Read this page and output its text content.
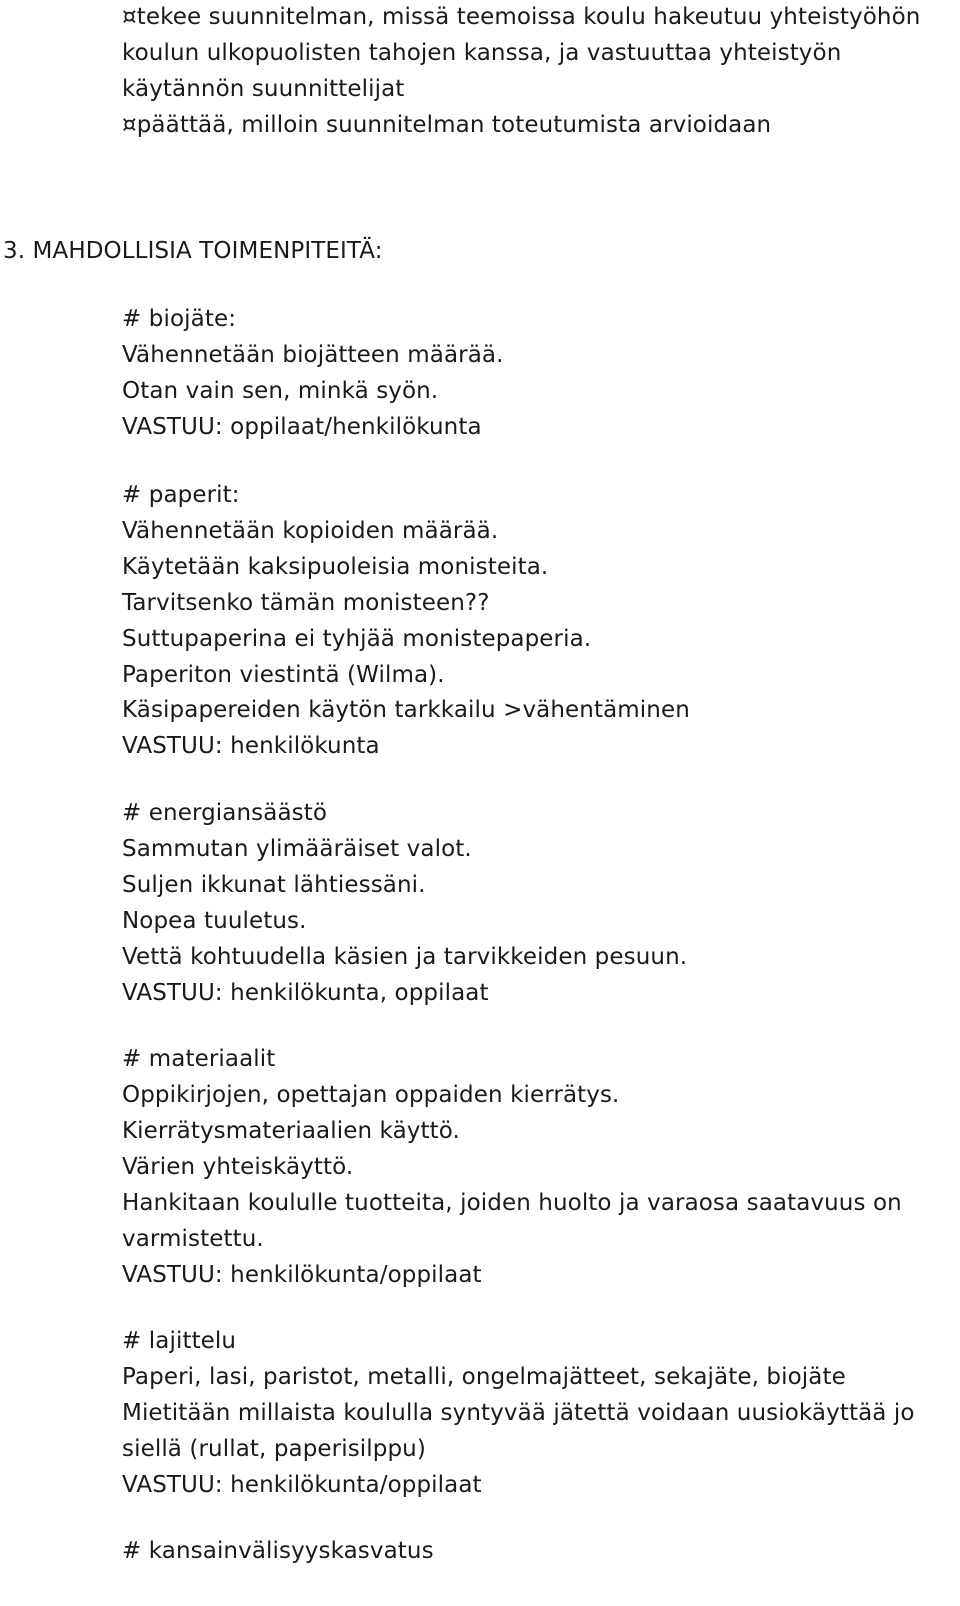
¤tekee suunnitelman, missä teemoissa koulu hakeutuu yhteistyöhön
koulun ulkopuolisten tahojen kanssa, ja vastuuttaa yhteistyön
käytännön suunnittelijat
¤päättää, milloin suunnitelman toteutumista arvioidaan
3. MAHDOLLISIA TOIMENPITEITÄ:
# biojäte:
Vähennetään biojätteen määrää.
Otan vain sen, minkä syön.
VASTUU: oppilaat/henkilökunta
# paperit:
Vähennetään kopioiden määrää.
Käytetään kaksipuoleisia monisteita.
Tarvitsenko tämän monisteen??
Suttupaperina ei tyhjää monistepaperia.
Paperiton viestintä (Wilma).
Käsipapereiden käytön tarkkailu >vähentäminen
VASTUU: henkilökunta
# energiansäästö
Sammutan ylimääräiset valot.
Suljen ikkunat lähtiessäni.
Nopea tuuletus.
Vettä kohtuudella käsien ja tarvikkeiden pesuun.
VASTUU: henkilökunta, oppilaat
# materiaalit
Oppikirjojen, opettajan oppaiden kierrätys.
Kierrätysmateriaalien käyttö.
Värien yhteiskäyttö.
Hankitaan koululle tuotteita, joiden huolto ja varaosa saatavuus on
varmistettu.
VASTUU: henkilökunta/oppilaat
# lajittelu
Paperi, lasi, paristot, metalli, ongelmajätteet, sekajäte, biojäte
Mietitään millaista koululla syntyvää jätettä voidaan uusiokäyttää jo
siellä (rullat, paperisilppu)
VASTUU: henkilökunta/oppilaat
# kansainvälisyyskasvatus
